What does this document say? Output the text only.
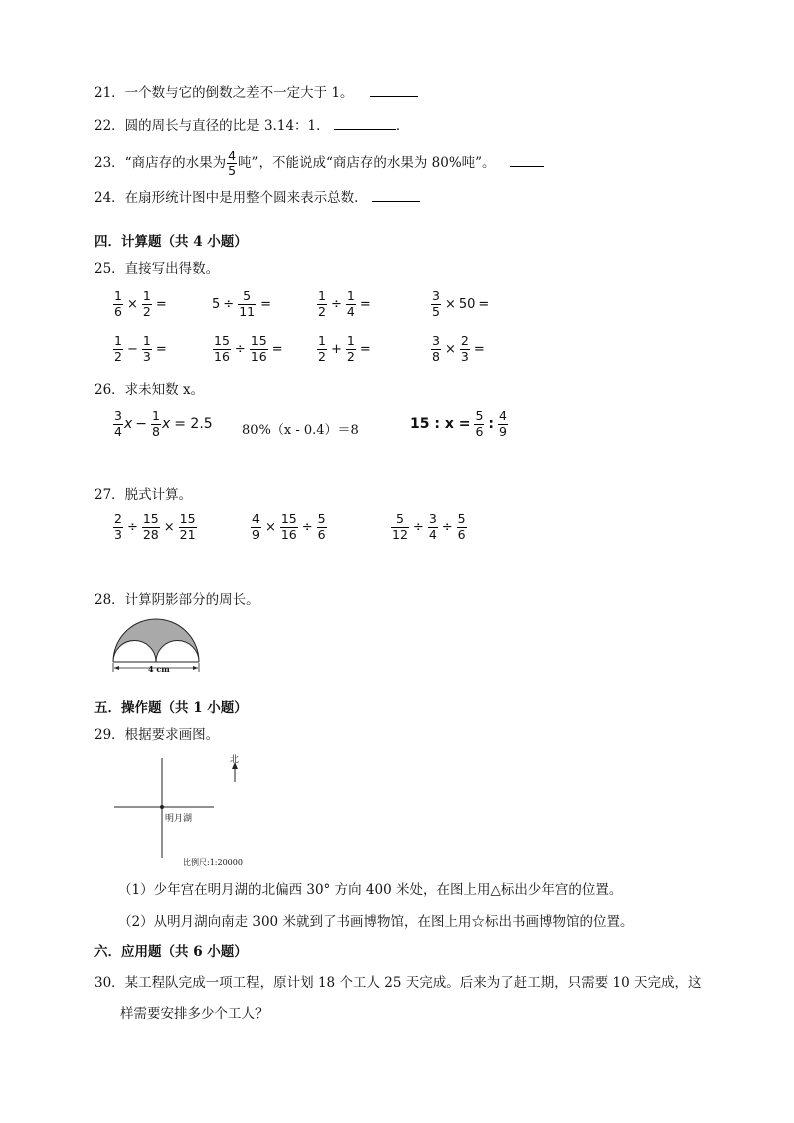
21．一个数与它的倒数之差不一定大于 1。
22．圆的周长与直径的比是 3.14：1．	．
23．“商店存的水果为 $\frac{4}{5}$ 吨”，不能说成“商店存的水果为 80%吨”。
24．在扇形统计图中是用整个圆来表示总数．
四．计算题（共 4 小题）
25．直接写出得数。
$\frac{1}{6} \times \frac{1}{2}$ =	$5 \div \frac{5}{11}$ =	$\frac{1}{2} \div \frac{1}{4}$ =	$\frac{3}{5} \times 50$ =
$\frac{1}{2} - \frac{1}{3}$ =	$\frac{15}{16} \div \frac{15}{16}$ =	$\frac{1}{2} + \frac{1}{2}$ =	$\frac{3}{8} \times \frac{2}{3}$ =
26．求未知数 x。
$\frac{3}{4}$ $x - \frac{1}{8}$ x = 2.5 80%（x - 0.4）＝8	15 : $x = \frac{5}{6}$ : $\frac{4}{9}$
27．脱式计算。
$\frac{2}{3} \div \frac{15}{28} \times \frac{15}{21}$	$\frac{4}{9} \times \frac{15}{16} \div \frac{5}{6}$	$\frac{5}{12} \div \frac{3}{4} \div \frac{5}{6}$
28．计算阴影部分的周长。
4 cm
五．操作题（共 1 小题）
29．根据要求画图。
北
明月湖
比例尺:1:20000
（1）少年宫在明月湖的北偏西 30° 方向 400 米处，在图上用△标出少年宫的位置。
（2）从明月湖向南走 300 米就到了书画博物馆，在图上用☆标出书画博物馆的位置。
六．应用题（共 6 小题）
30．某工程队完成一项工程，原计划 18 个工人 25 天完成。后来为了赶工期，只需要 10 天完成，这
样需要安排多少个工人？
